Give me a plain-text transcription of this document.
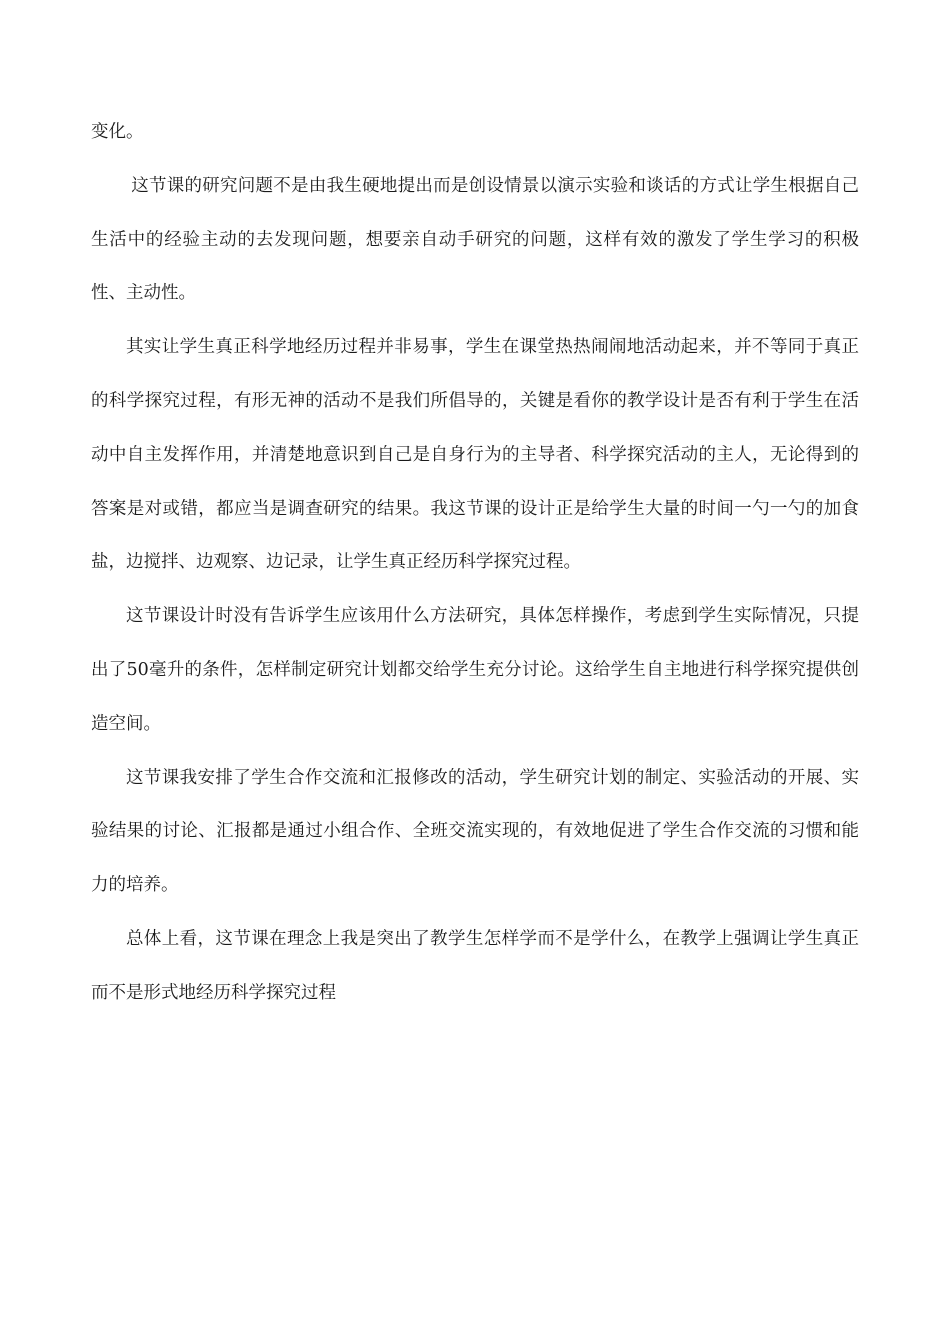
变化。

这节课的研究问题不是由我生硬地提出而是创设情景以演示实验和谈话的方式让学生根据自己生活中的经验主动的去发现问题，想要亲自动手研究的问题，这样有效的激发了学生学习的积极性、主动性。

其实让学生真正科学地经历过程并非易事，学生在课堂热热闹闹地活动起来，并不等同于真正的科学探究过程，有形无神的活动不是我们所倡导的，关键是看你的教学设计是否有利于学生在活动中自主发挥作用，并清楚地意识到自己是自身行为的主导者、科学探究活动的主人，无论得到的答案是对或错，都应当是调查研究的结果。我这节课的设计正是给学生大量的时间一勺一勺的加食盐，边搅拌、边观察、边记录，让学生真正经历科学探究过程。

这节课设计时没有告诉学生应该用什么方法研究，具体怎样操作，考虑到学生实际情况，只提出了50毫升的条件，怎样制定研究计划都交给学生充分讨论。这给学生自主地进行科学探究提供创造空间。

这节课我安排了学生合作交流和汇报修改的活动，学生研究计划的制定、实验活动的开展、实验结果的讨论、汇报都是通过小组合作、全班交流实现的，有效地促进了学生合作交流的习惯和能力的培养。

总体上看，这节课在理念上我是突出了教学生怎样学而不是学什么，在教学上强调让学生真正而不是形式地经历科学探究过程
